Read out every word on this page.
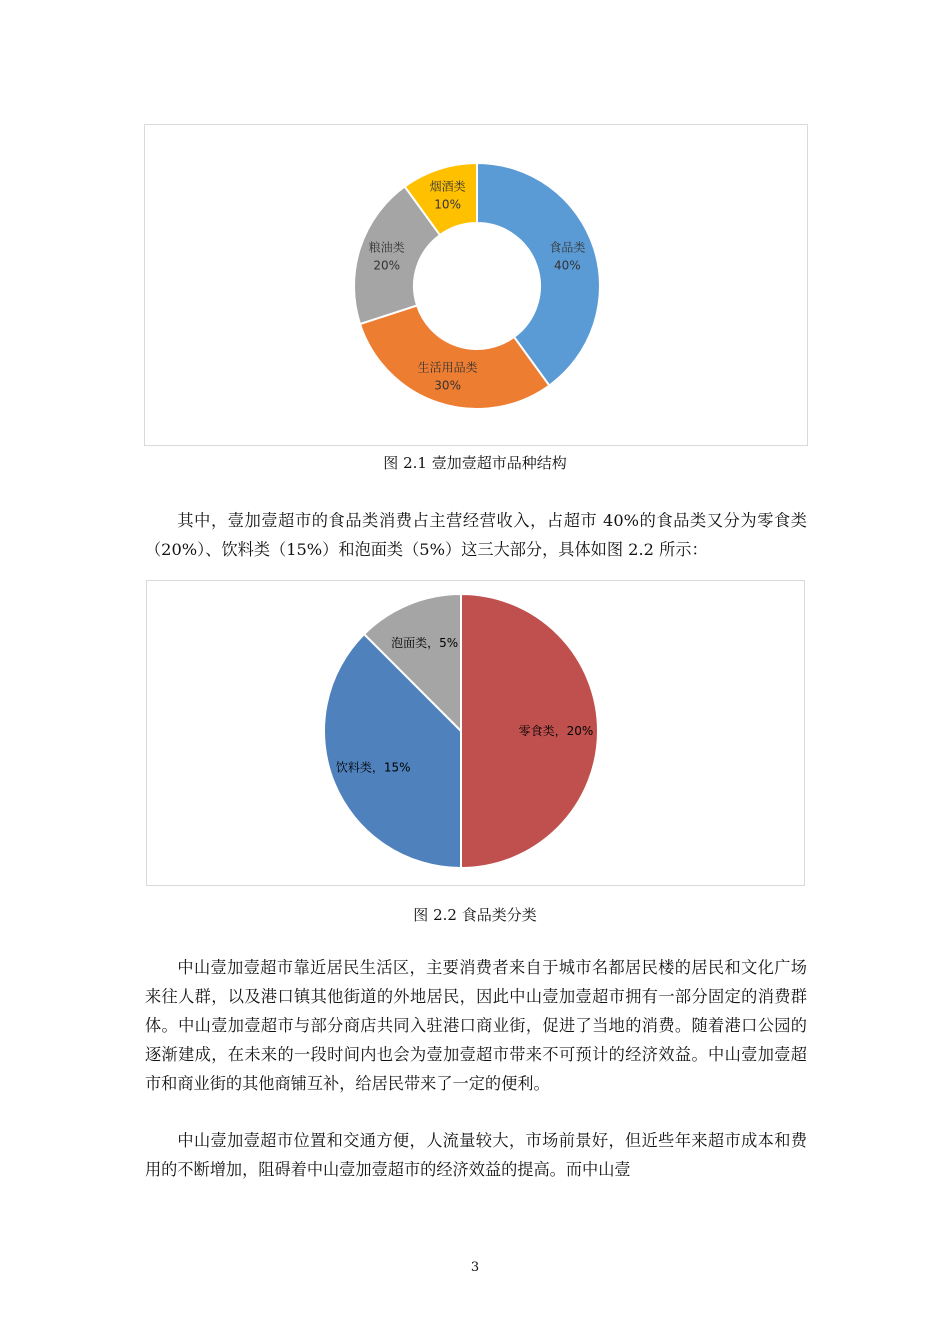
食品类 40%
生活用品类 30%
粮油类 20%
烟酒类 10%
图 2.1 壹加壹超市品种结构

其中，壹加壹超市的食品类消费占主营经营收入，占超市 40%的食品类又分为零食类（20%）、饮料类（15%）和泡面类（5%）这三大部分，具体如图 2.2 所示：

零食类，20%
饮料类，15%
泡面类，5%
图 2.2 食品类分类

中山壹加壹超市靠近居民生活区，主要消费者来自于城市名都居民楼的居民和文化广场来往人群，以及港口镇其他街道的外地居民，因此中山壹加壹超市拥有一部分固定的消费群体。中山壹加壹超市与部分商店共同入驻港口商业街，促进了当地的消费。随着港口公园的逐渐建成，在未来的一段时间内也会为壹加壹超市带来不可预计的经济效益。中山壹加壹超市和商业街的其他商铺互补，给居民带来了一定的便利。

中山壹加壹超市位置和交通方便，人流量较大，市场前景好，但近些年来超市成本和费用的不断增加，阻碍着中山壹加壹超市的经济效益的提高。而中山壹

3
